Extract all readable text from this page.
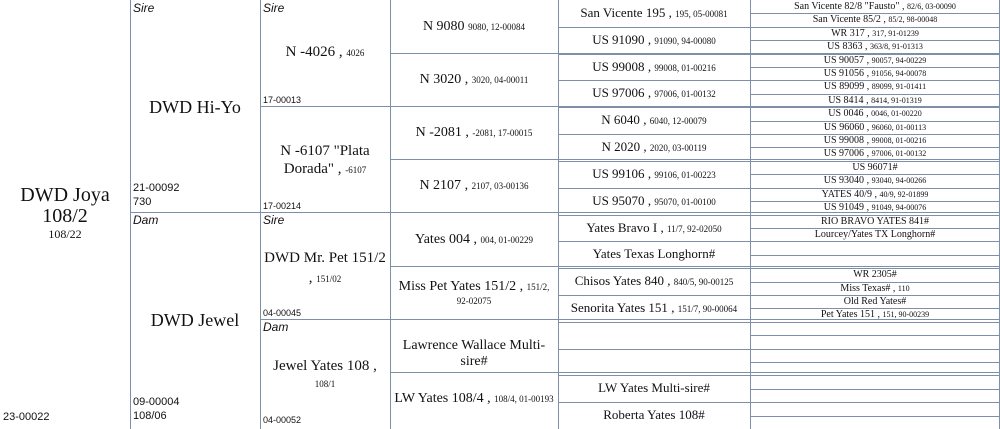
DWD Joya
108/2
108/22
23-00022
Sire
DWD Hi-Yo
21-00092
730
Dam
DWD Jewel
09-00004
108/06
Sire
N -4026 , 4026
17-00013
N -6107 "Plata
Dorada" , -6107
17-00214
Sire
DWD Mr. Pet 151/2
, 151/02
04-00045
Dam
Jewel Yates 108 ,
108/1
04-00052
N 9080 9080, 12-00084
N 3020 , 3020, 04-00011
N -2081 , -2081, 17-00015
N 2107 , 2107, 03-00136
Yates 004 , 004, 01-00229
Miss Pet Yates 151/2 , 151/2,
92-02075
Lawrence Wallace Multi-sire#
LW Yates 108/4 , 108/4, 01-00193
San Vicente 195 , 195, 05-00081
US 91090 , 91090, 94-00080
US 99008 , 99008, 01-00216
US 97006 , 97006, 01-00132
N 6040 , 6040, 12-00079
N 2020 , 2020, 03-00119
US 99106 , 99106, 01-00223
US 95070 , 95070, 01-00100
Yates Bravo I , 11/7, 92-02050
Yates Texas Longhorn#
Chisos Yates 840 , 840/5, 90-00125
Senorita Yates 151 , 151/7, 90-00064
LW Yates Multi-sire#
Roberta Yates 108#
San Vicente 82/8 "Fausto" , 82/6, 03-00090
San Vicente 85/2 , 85/2, 98-00048
WR 317 , 317, 91-01239
US 8363 , 363/8, 91-01313
US 90057 , 90057, 94-00229
US 91056 , 91056, 94-00078
US 89099 , 89099, 91-01411
US 8414 , 8414, 91-01319
US 0046 , 0046, 01-00220
US 96060 , 96060, 01-00113
US 99008 , 99008, 01-00216
US 97006 , 97006, 01-00132
US 96071#
US 93040 , 93040, 94-00266
YATES 40/9 , 40/9, 92-01899
US 91049 , 91049, 94-00076
RIO BRAVO YATES 841#
Lourcey/Yates TX Longhorn#
WR 2305#
Miss Texas# , 110
Old Red Yates#
Pet Yates 151 , 151, 90-00239
